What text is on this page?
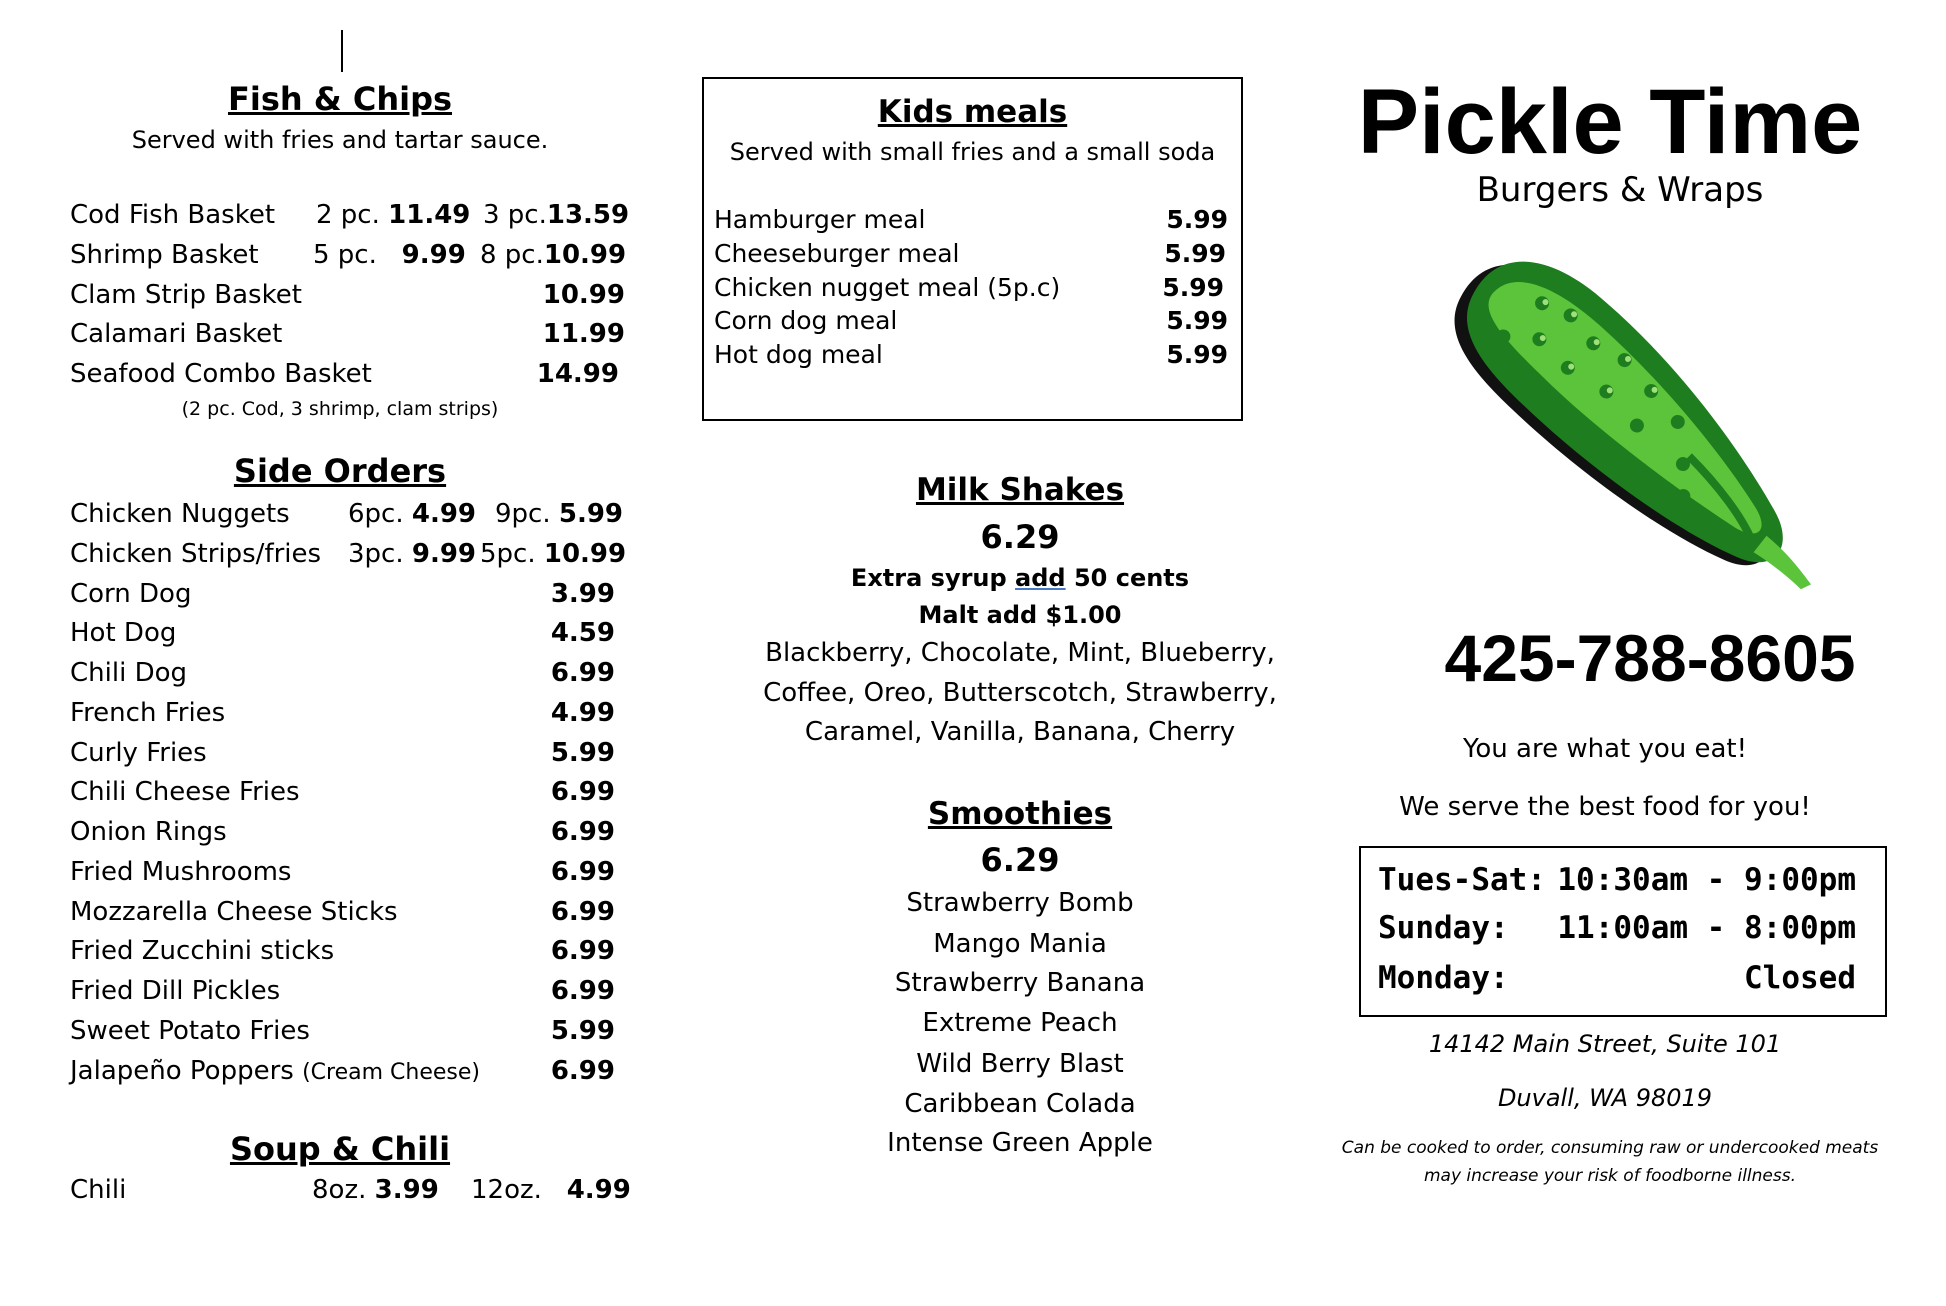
Fish & Chips
Served with fries and tartar sauce.
Cod Fish Basket 2 pc. 11.49 3 pc.13.59
Shrimp Basket 5 pc. 9.99 8 pc.10.99
Clam Strip Basket	10.99
Calamari Basket	11.99
Seafood Combo Basket	14.99
(2 pc. Cod, 3 shrimp, clam strips)
Side Orders
Chicken Nuggets 6pc. 4.99 9pc. 5.99
Chicken Strips/fries 3pc. 9.99 5pc. 10.99
Corn Dog	3.99
Hot Dog	4.59
Chili Dog	6.99
French Fries	4.99
Curly Fries	5.99
Chili Cheese Fries	6.99
Onion Rings	6.99
Fried Mushrooms	6.99
Mozzarella Cheese Sticks	6.99
Fried Zucchini sticks	6.99
Fried Dill Pickles	6.99
Sweet Potato Fries	5.99
Jalapeño Poppers (Cream Cheese)	6.99
Soup & Chili
Chili	8oz. 3.99 12oz. 4.99
Kids meals
Served with small fries and a small soda
Hamburger meal	5.99
Cheeseburger meal	5.99
Chicken nugget meal (5p.c)	5.99
Corn dog meal	5.99
Hot dog meal	5.99
Milk Shakes
6.29
Extra syrup add 50 cents
Malt add $1.00
Blackberry, Chocolate, Mint, Blueberry,
Coffee, Oreo, Butterscotch, Strawberry,
Caramel, Vanilla, Banana, Cherry
Smoothies
6.29
Strawberry Bomb
Mango Mania
Strawberry Banana
Extreme Peach
Wild Berry Blast
Caribbean Colada
Intense Green Apple
Pickle Time
Burgers & Wraps
425-788-8605
You are what you eat!
We serve the best food for you!
Tues-Sat: 10:30am - 9:00pm
Sunday: 11:00am - 8:00pm
Monday:	Closed
14142 Main Street, Suite 101
Duvall, WA 98019
Can be cooked to order, consuming raw or undercooked meats
may increase your risk of foodborne illness.
